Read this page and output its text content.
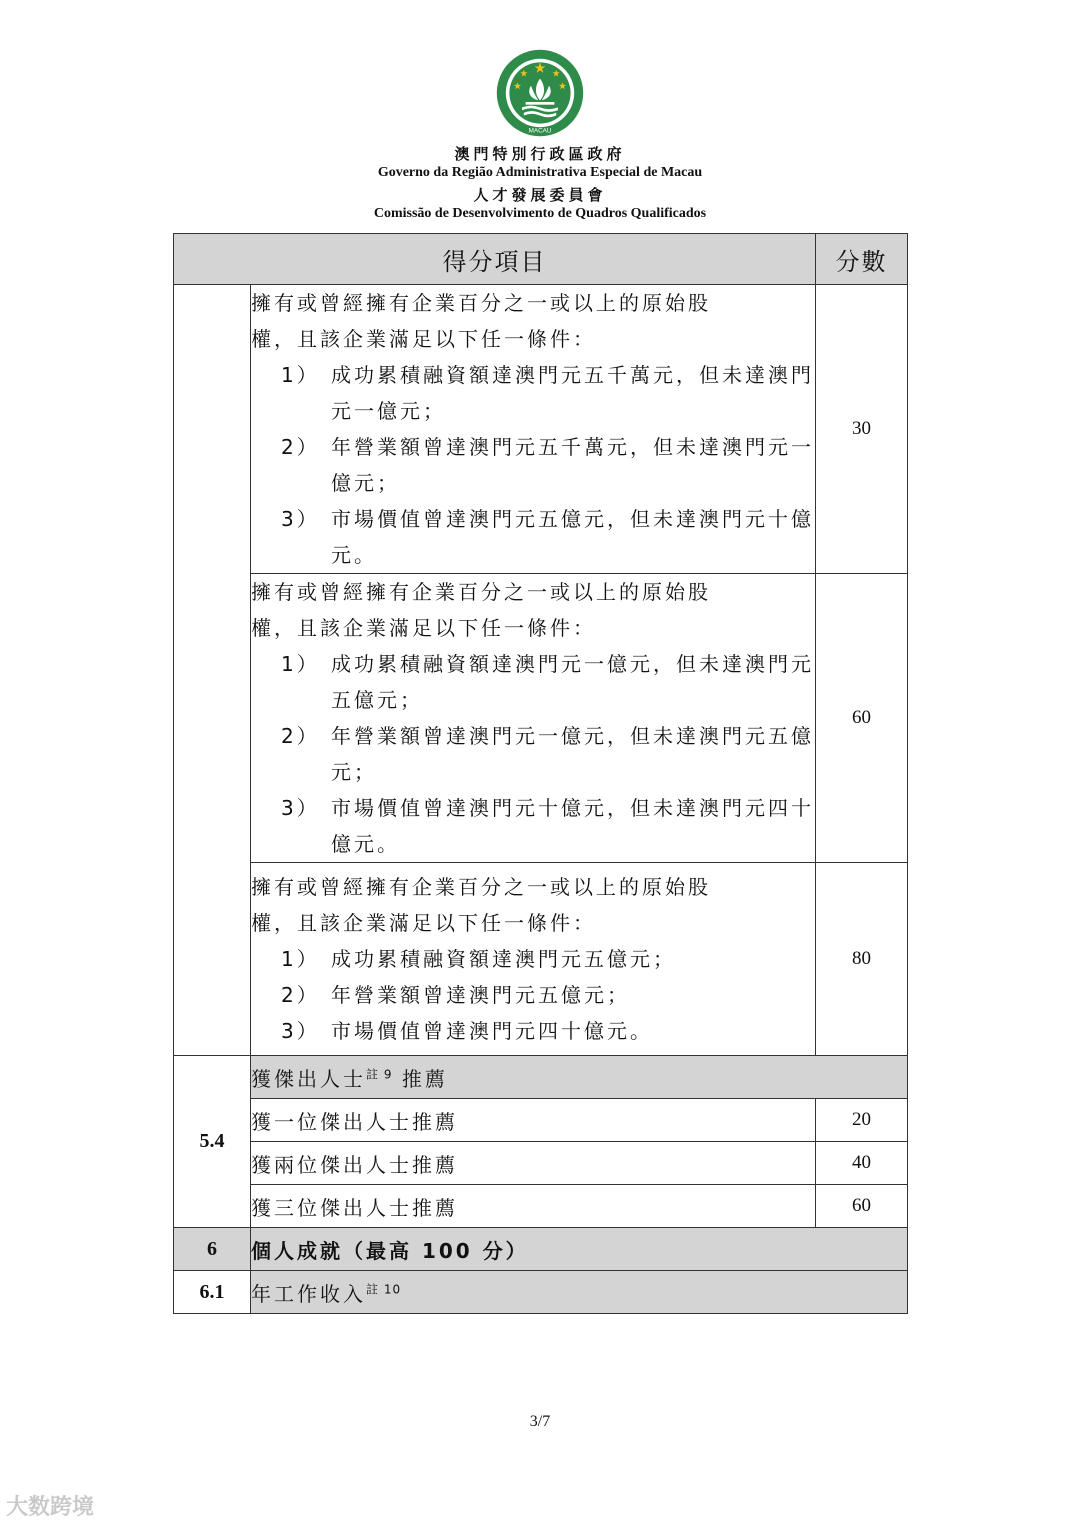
MACAU
澳門特別行政區政府
Governo da Região Administrativa Especial de Macau
人才發展委員會
Comissão de Desenvolvimento de Quadros Qualificados
得分項目		分數

	擁有或曾經擁有企業百分之一或以上的原始股
權，且該企業滿足以下任一條件：
1） 成功累積融資額達澳門元五千萬元，但未達澳門元一億元；
2） 年營業額曾達澳門元五千萬元，但未達澳門元一億元；
3） 市場價值曾達澳門元五億元，但未達澳門元十億元。	30

	擁有或曾經擁有企業百分之一或以上的原始股
權，且該企業滿足以下任一條件：
1） 成功累積融資額達澳門元一億元，但未達澳門元五億元；
2） 年營業額曾達澳門元一億元，但未達澳門元五億元；
3） 市場價值曾達澳門元十億元，但未達澳門元四十億元。	60

	擁有或曾經擁有企業百分之一或以上的原始股
權，且該企業滿足以下任一條件：
1） 成功累積融資額達澳門元五億元；
2） 年營業額曾達澳門元五億元；
3） 市場價值曾達澳門元四十億元。	80
5.4	獲傑出人士$^{註 9}$ 推薦	
	獲一位傑出人士推薦	20
	獲兩位傑出人士推薦	40
	獲三位傑出人士推薦	60
6	個人成就（最高 100 分）	
6.1	年工作收入$^{註 10}$
3/7
大数跨境
